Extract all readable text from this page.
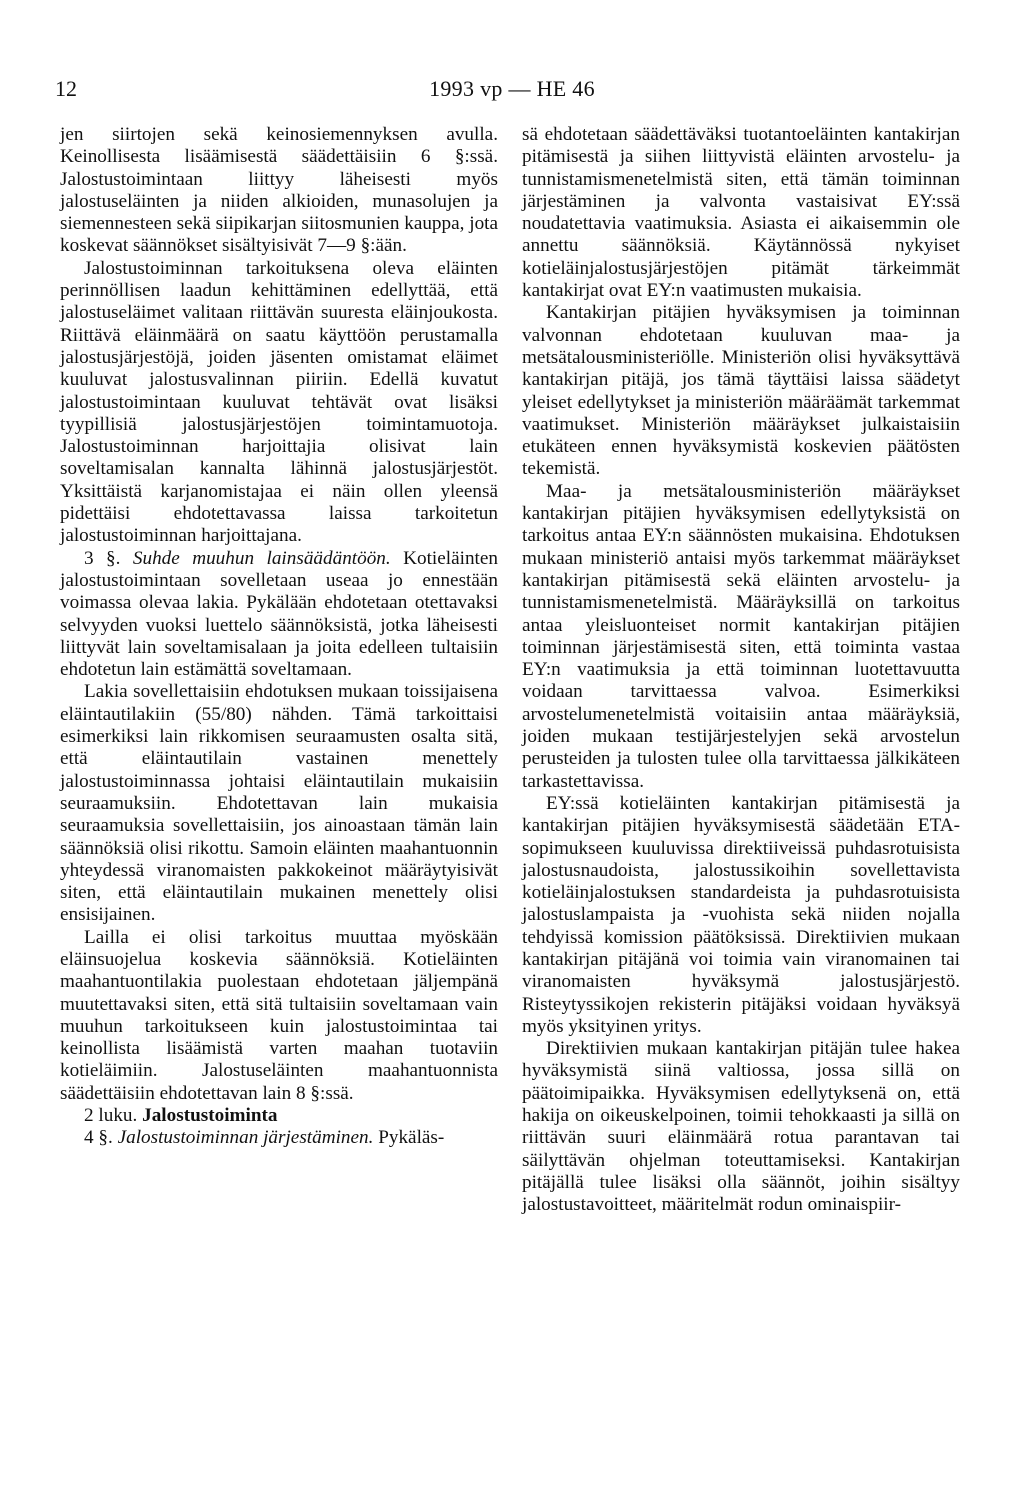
12	1993 vp — HE 46

jen siirtojen sekä keinosiemennyksen avulla. Keinollisesta lisäämisestä säädettäisiin 6 §:ssä. Jalostustoimintaan liittyy läheisesti myös jalostuseläinten ja niiden alkioiden, munasolujen ja siemennesteen sekä siipikarjan siitosmunien kauppa, jota koskevat säännökset sisältyisivät 7—9 §:ään.

Jalostustoiminnan tarkoituksena oleva eläinten perinnöllisen laadun kehittäminen edellyttää, että jalostuseläimet valitaan riittävän suuresta eläinjoukosta. Riittävä eläinmäärä on saatu käyttöön perustamalla jalostusjärjestöjä, joiden jäsenten omistamat eläimet kuuluvat jalostusvalinnan piiriin. Edellä kuvatut jalostustoimintaan kuuluvat tehtävät ovat lisäksi tyypillisiä jalostusjärjestöjen toimintamuotoja. Jalostustoiminnan harjoittajia olisivat lain soveltamisalan kannalta lähinnä jalostusjärjestöt. Yksittäistä karjanomistajaa ei näin ollen yleensä pidettäisi ehdotettavassa laissa tarkoitetun jalostustoiminnan harjoittajana.

3 §. Suhde muuhun lainsäädäntöön. Kotieläinten jalostustoimintaan sovelletaan useaa jo ennestään voimassa olevaa lakia. Pykälään ehdotetaan otettavaksi selvyyden vuoksi luettelo säännöksistä, jotka läheisesti liittyvät lain soveltamisalaan ja joita edelleen tultaisiin ehdotetun lain estämättä soveltamaan.

Lakia sovellettaisiin ehdotuksen mukaan toissijaisena eläintautilakiin (55/80) nähden. Tämä tarkoittaisi esimerkiksi lain rikkomisen seuraamusten osalta sitä, että eläintautilain vastainen menettely jalostustoiminnassa johtaisi eläintautilain mukaisiin seuraamuksiin. Ehdotettavan lain mukaisia seuraamuksia sovellettaisiin, jos ainoastaan tämän lain säännöksiä olisi rikottu. Samoin eläinten maahantuonnin yhteydessä viranomaisten pakkokeinot määräytyisivät siten, että eläintautilain mukainen menettely olisi ensisijainen.

Lailla ei olisi tarkoitus muuttaa myöskään eläinsuojelua koskevia säännöksiä. Kotieläinten maahantuontilakia puolestaan ehdotetaan jäljempänä muutettavaksi siten, että sitä tultaisiin soveltamaan vain muuhun tarkoitukseen kuin jalostustoimintaa tai keinollista lisäämistä varten maahan tuotaviin kotieläimiin. Jalostuseläinten maahantuonnista säädettäisiin ehdotettavan lain 8 §:ssä.

2 luku. Jalostustoiminta

4 §. Jalostustoiminnan järjestäminen. Pykäläs-

sä ehdotetaan säädettäväksi tuotantoeläinten kantakirjan pitämisestä ja siihen liittyvistä eläinten arvostelu- ja tunnistamismenetelmistä siten, että tämän toiminnan järjestäminen ja valvonta vastaisivat EY:ssä noudatettavia vaatimuksia. Asiasta ei aikaisemmin ole annettu säännöksiä. Käytännössä nykyiset kotieläinjalostusjärjestöjen pitämät tärkeimmät kantakirjat ovat EY:n vaatimusten mukaisia.

Kantakirjan pitäjien hyväksymisen ja toiminnan valvonnan ehdotetaan kuuluvan maa- ja metsätalousministeriölle. Ministeriön olisi hyväksyttävä kantakirjan pitäjä, jos tämä täyttäisi laissa säädetyt yleiset edellytykset ja ministeriön määräämät tarkemmat vaatimukset. Ministeriön määräykset julkaistaisiin etukäteen ennen hyväksymistä koskevien päätösten tekemistä.

Maa- ja metsätalousministeriön määräykset kantakirjan pitäjien hyväksymisen edellytyksistä on tarkoitus antaa EY:n säännösten mukaisina. Ehdotuksen mukaan ministeriö antaisi myös tarkemmat määräykset kantakirjan pitämisestä sekä eläinten arvostelu- ja tunnistamismenetelmistä. Määräyksillä on tarkoitus antaa yleisluonteiset normit kantakirjan pitäjien toiminnan järjestämisestä siten, että toiminta vastaa EY:n vaatimuksia ja että toiminnan luotettavuutta voidaan tarvittaessa valvoa. Esimerkiksi arvostelumenetelmistä voitaisiin antaa määräyksiä, joiden mukaan testijärjestelyjen sekä arvostelun perusteiden ja tulosten tulee olla tarvittaessa jälkikäteen tarkastettavissa.

EY:ssä kotieläinten kantakirjan pitämisestä ja kantakirjan pitäjien hyväksymisestä säädetään ETA-sopimukseen kuuluvissa direktiiveissä puhdasrotuisista jalostusnaudoista, jalostussikoihin sovellettavista kotieläinjalostuksen standardeista ja puhdasrotuisista jalostuslampaista ja -vuohista sekä niiden nojalla tehdyissä komission päätöksissä. Direktiivien mukaan kantakirjan pitäjänä voi toimia vain viranomainen tai viranomaisten hyväksymä jalostusjärjestö. Risteytyssikojen rekisterin pitäjäksi voidaan hyväksyä myös yksityinen yritys.

Direktiivien mukaan kantakirjan pitäjän tulee hakea hyväksymistä siinä valtiossa, jossa sillä on päätoimipaikka. Hyväksymisen edellytyksenä on, että hakija on oikeuskelpoinen, toimii tehokkaasti ja sillä on riittävän suuri eläinmäärä rotua parantavan tai säilyttävän ohjelman toteuttamiseksi. Kantakirjan pitäjällä tulee lisäksi olla säännöt, joihin sisältyy jalostustavoitteet, määritelmät rodun ominaispiir-
